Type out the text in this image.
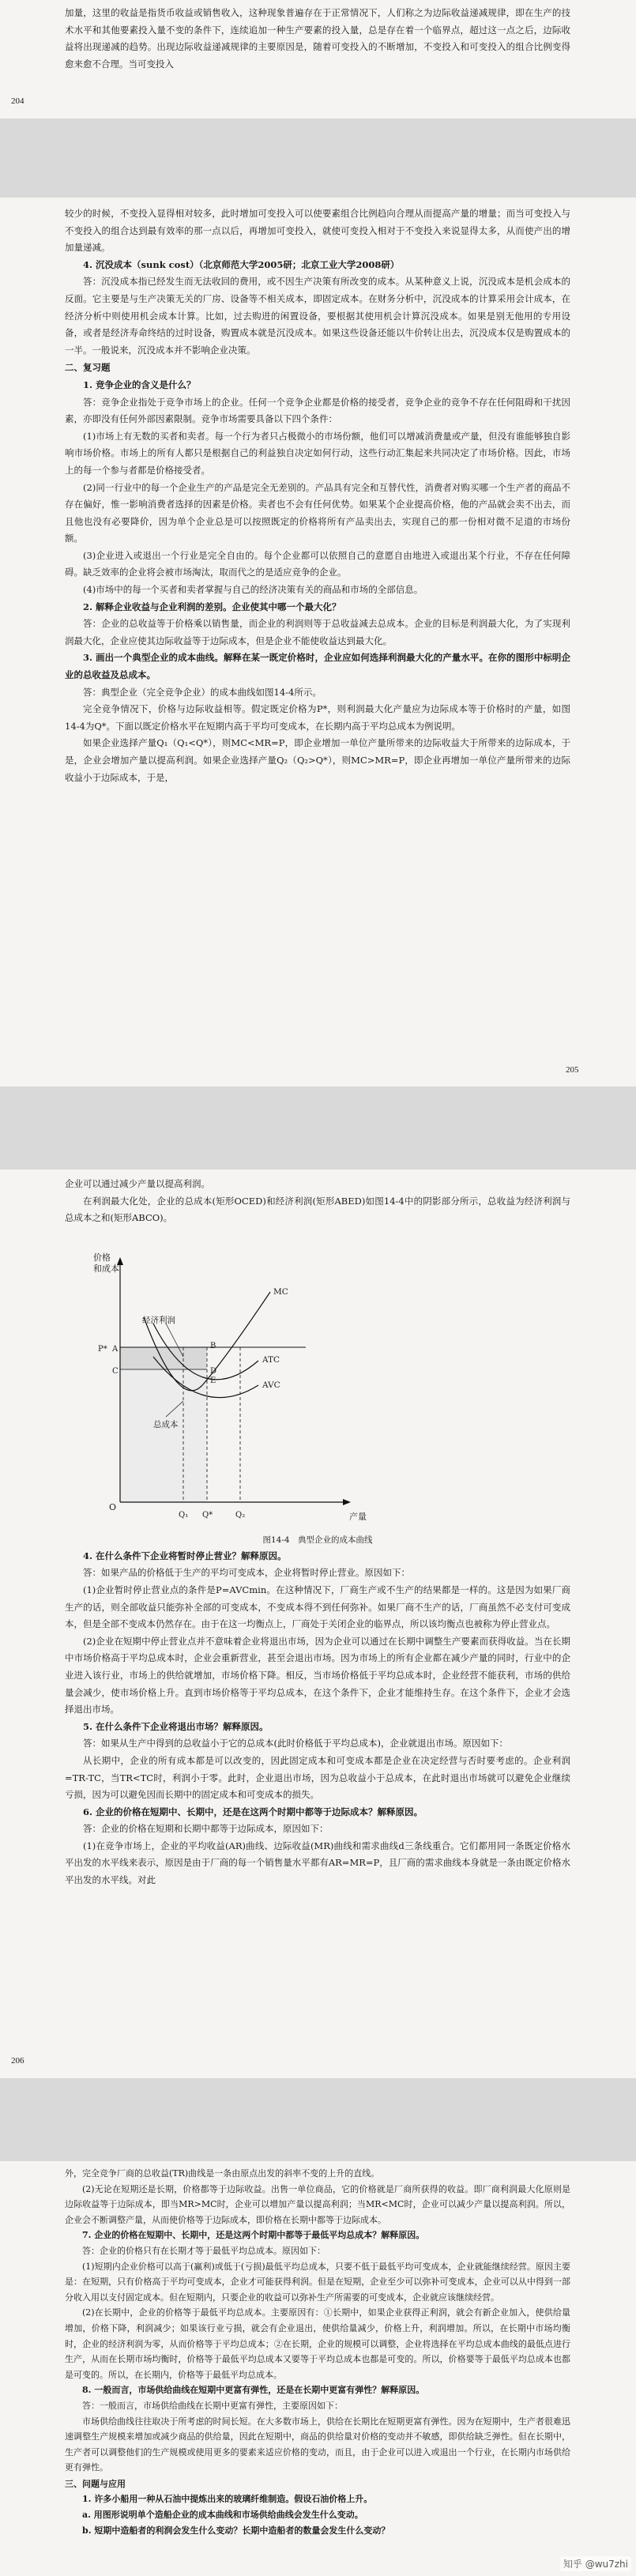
加量，这里的收益是指货币收益或销售收入，这种现象普遍存在于正常情况下，人们称之为边际收益递减规律，即在生产的技术水平和其他要素投入量不变的条件下，连续追加一种生产要素的投入量，总是存在着一个临界点，超过这一点之后，边际收益将出现递减的趋势。出现边际收益递减规律的主要原因是，随着可变投入的不断增加，不变投入和可变投入的组合比例变得愈来愈不合理。当可变投入

204

较少的时候，不变投入显得相对较多，此时增加可变投入可以使要素组合比例趋向合理从而提高产量的增量；而当可变投入与不变投入的组合达到最有效率的那一点以后，再增加可变投入，就使可变投入相对于不变投入来说显得太多，从而使产出的增加量递减。

4. 沉没成本（sunk cost）（北京师范大学2005研；北京工业大学2008研）

答：沉没成本指已经发生而无法收回的费用，或不因生产决策有所改变的成本。从某种意义上说，沉没成本是机会成本的反面。它主要是与生产决策无关的厂房、设备等不相关成本，即固定成本。在财务分析中，沉没成本的计算采用会计成本，在经济分析中则使用机会成本计算。比如，过去购进的闲置设备，要根据其使用机会计算沉没成本。如果是别无他用的专用设备，或者是经济寿命终结的过时设备，购置成本就是沉没成本。如果这些设备还能以牛价转让出去，沉没成本仅是购置成本的一半。一般说来，沉没成本并不影响企业决策。

二、复习题

1. 竞争企业的含义是什么？

答：竞争企业指处于竞争市场上的企业。任何一个竞争企业都是价格的接受者，竞争企业的竞争不存在任何阻碍和干扰因素，亦即没有任何外部因素限制。竞争市场需要具备以下四个条件：

(1)市场上有无数的买者和卖者。每一个行为者只占极微小的市场份额，他们可以增减消费量或产量，但没有谁能够独自影响市场价格。市场上的所有人都只是根据自己的利益独自决定如何行动，这些行动汇集起来共同决定了市场价格。因此，市场上的每一个参与者都是价格接受者。

(2)同一行业中的每一个企业生产的产品是完全无差别的。产品具有完全和互替代性，消费者对购买哪一个生产者的商品不存在偏好，惟一影响消费者选择的因素是价格。卖者也不会有任何优势。如果某个企业提高价格，他的产品就会卖不出去，而且他也没有必要降价，因为单个企业总是可以按照既定的价格将所有产品卖出去，实现自己的那一份相对微不足道的市场份额。

(3)企业进入或退出一个行业是完全自由的。每个企业都可以依照自己的意愿自由地进入或退出某个行业，不存在任何障碍。缺乏效率的企业将会被市场淘汰，取而代之的是适应竞争的企业。

(4)市场中的每一个买者和卖者掌握与自己的经济决策有关的商品和市场的全部信息。

2. 解释企业收益与企业利润的差别。企业使其中哪一个最大化？

答：企业的总收益等于价格乘以销售量，而企业的利润则等于总收益减去总成本。企业的目标是利润最大化，为了实现利润最大化，企业应使其边际收益等于边际成本，但是企业不能使收益达到最大化。

3. 画出一个典型企业的成本曲线。解释在某一既定价格时，企业应如何选择利润最大化的产量水平。在你的图形中标明企业的总收益及总成本。

答：典型企业（完全竞争企业）的成本曲线如图14-4所示。

完全竞争情况下，价格与边际收益相等。假定既定价格为P*，则利润最大化产量应为边际成本等于价格时的产量，如图14-4为Q*。下面以既定价格水平在短期内高于平均可变成本，在长期内高于平均总成本为例说明。

如果企业选择产量Q₁（Q₁<Q*），则MC<MR=P，即企业增加一单位产量所带来的边际收益大于所带来的边际成本，于是，企业会增加产量以提高利润。如果企业选择产量Q₂（Q₂>Q*），则MC>MR=P，即企业再增加一单位产量所带来的边际收益小于边际成本，于是，

205

企业可以通过减少产量以提高利润。

在利润最大化处，企业的总成本(矩形OCED)和经济利润(矩形ABED)如图14-4中的阴影部分所示，总收益为经济利润与总成本之和(矩形ABCO)。

价格
和成本
产量
O
MC
ATC
AVC
经济利润
总成本
A	B
C	D
E
P*
Q₁ Q*	Q₂
图14-4　典型企业的成本曲线

4. 在什么条件下企业将暂时停止营业？解释原因。

答：如果产品的价格低于生产的平均可变成本，企业将暂时停止营业。原因如下：

(1)企业暂时停止营业点的条件是P=AVCmin。在这种情况下，厂商生产或不生产的结果都是一样的。这是因为如果厂商生产的话，则全部收益只能弥补全部的可变成本，不变成本得不到任何弥补。如果厂商不生产的话，厂商虽然不必支付可变成本，但是全部不变成本仍然存在。由于在这一均衡点上，厂商处于关闭企业的临界点，所以该均衡点也被称为停止营业点。

(2)企业在短期中停止营业点并不意味着企业将退出市场，因为企业可以通过在长期中调整生产要素而获得收益。当在长期中市场价格高于平均总成本时，企业会重新营业，甚至会退出市场。因为市场上的所有企业都在减少产量的同时，行业中的企业进入该行业，市场上的供给就增加，市场价格下降。相反，当市场价格低于平均总成本时，企业经营不能获利，市场的供给量会减少，使市场价格上升。直到市场价格等于平均总成本，在这个条件下，企业才能维持生存。在这个条件下，企业才会选择退出市场。

5. 在什么条件下企业将退出市场？解释原因。

答：如果从生产中得到的总收益小于它的总成本(此时价格低于平均总成本)，企业就退出市场。原因如下：

从长期中，企业的所有成本都是可以改变的，因此固定成本和可变成本都是企业在决定经营与否时要考虑的。企业利润=TR-TC，当TR<TC时，利润小于零。此时，企业退出市场，因为总收益小于总成本，在此时退出市场就可以避免企业继续亏损，因为可以避免因而长期中的固定成本和可变成本的损失。

6. 企业的价格在短期中、长期中，还是在这两个时期中都等于边际成本？解释原因。

答：企业的价格在短期和长期中都等于边际成本，原因如下：

(1)在竞争市场上，企业的平均收益(AR)曲线、边际收益(MR)曲线和需求曲线d三条线重合。它们都用同一条既定价格水平出发的水平线来表示，原因是由于厂商的每一个销售量水平都有AR=MR=P，且厂商的需求曲线本身就是一条由既定价格水平出发的水平线。对此

206

外，完全竞争厂商的总收益(TR)曲线是一条由原点出发的斜率不变的上升的直线。

(2)无论在短期还是长期，价格都等于边际收益。出售一单位商品，它的价格就是厂商所获得的收益。即厂商利润最大化原则是边际收益等于边际成本，即当MR>MC时，企业可以增加产量以提高利润；当MR<MC时，企业可以减少产量以提高利润。所以，企业会不断调整产量，从而使价格等于边际成本，即价格在长期中都等于边际成本。

7. 企业的价格在短期中、长期中，还是这两个时期中都等于最低平均总成本？解释原因。

答：企业的价格只有在长期才等于最低平均总成本。原因如下：

(1)短期内企业价格可以高于(赢利)或低于(亏损)最低平均总成本，只要不低于最低平均可变成本，企业就能继续经营。原因主要是：在短期，只有价格高于平均可变成本，企业才可能获得利润。但是在短期，企业至少可以弥补可变成本，企业可以从中得到一部分收入用以支付固定成本。但在短期内，只要企业的收益可以弥补生产所需要的可变成本，企业就应该继续经营。

(2)在长期中，企业的价格等于最低平均总成本。主要原因有：①长期中，如果企业获得正利润，就会有新企业加入，使供给量增加，价格下降，利润减少；如果该行业亏损，就会有企业退出，使供给量减少，价格上升，利润增加。所以，在长期中市场均衡时，企业的经济利润为零，从而价格等于平均总成本；②在长期，企业的规模可以调整，企业将选择在平均总成本曲线的最低点进行生产，从而在长期市场均衡时，价格等于最低平均总成本又要等于平均总成本也都是可变的。所以，价格要等于最低平均总成本也都是可变的。所以，在长期内，价格等于最低平均总成本。

8. 一般而言，市场供给曲线在短期中更富有弹性，还是在长期中更富有弹性？解释原因。

答：一般而言，市场供给曲线在长期中更富有弹性，主要原因如下：

市场供给曲线往往取决于所考虑的时间长短。在大多数市场上，供给在长期比在短期更富有弹性。因为在短期中，生产者很难迅速调整生产规模来增加或减少商品的供给量，因此在短期中，商品的供给量对价格的变动并不敏感，即供给缺乏弹性。但在长期中，生产者可以调整他们的生产规模或使用更多的要素来适应价格的变动，而且，由于企业可以进入或退出一个行业，在长期内市场供给更有弹性。

三、问题与应用

1. 许多小船用一种从石油中提炼出来的玻璃纤维制造。假设石油价格上升。

a. 用图形说明单个造船企业的成本曲线和市场供给曲线会发生什么变动。

b. 短期中造船者的利润会发生什么变动？长期中造船者的数量会发生什么变动？

知乎 @wu7zhi
